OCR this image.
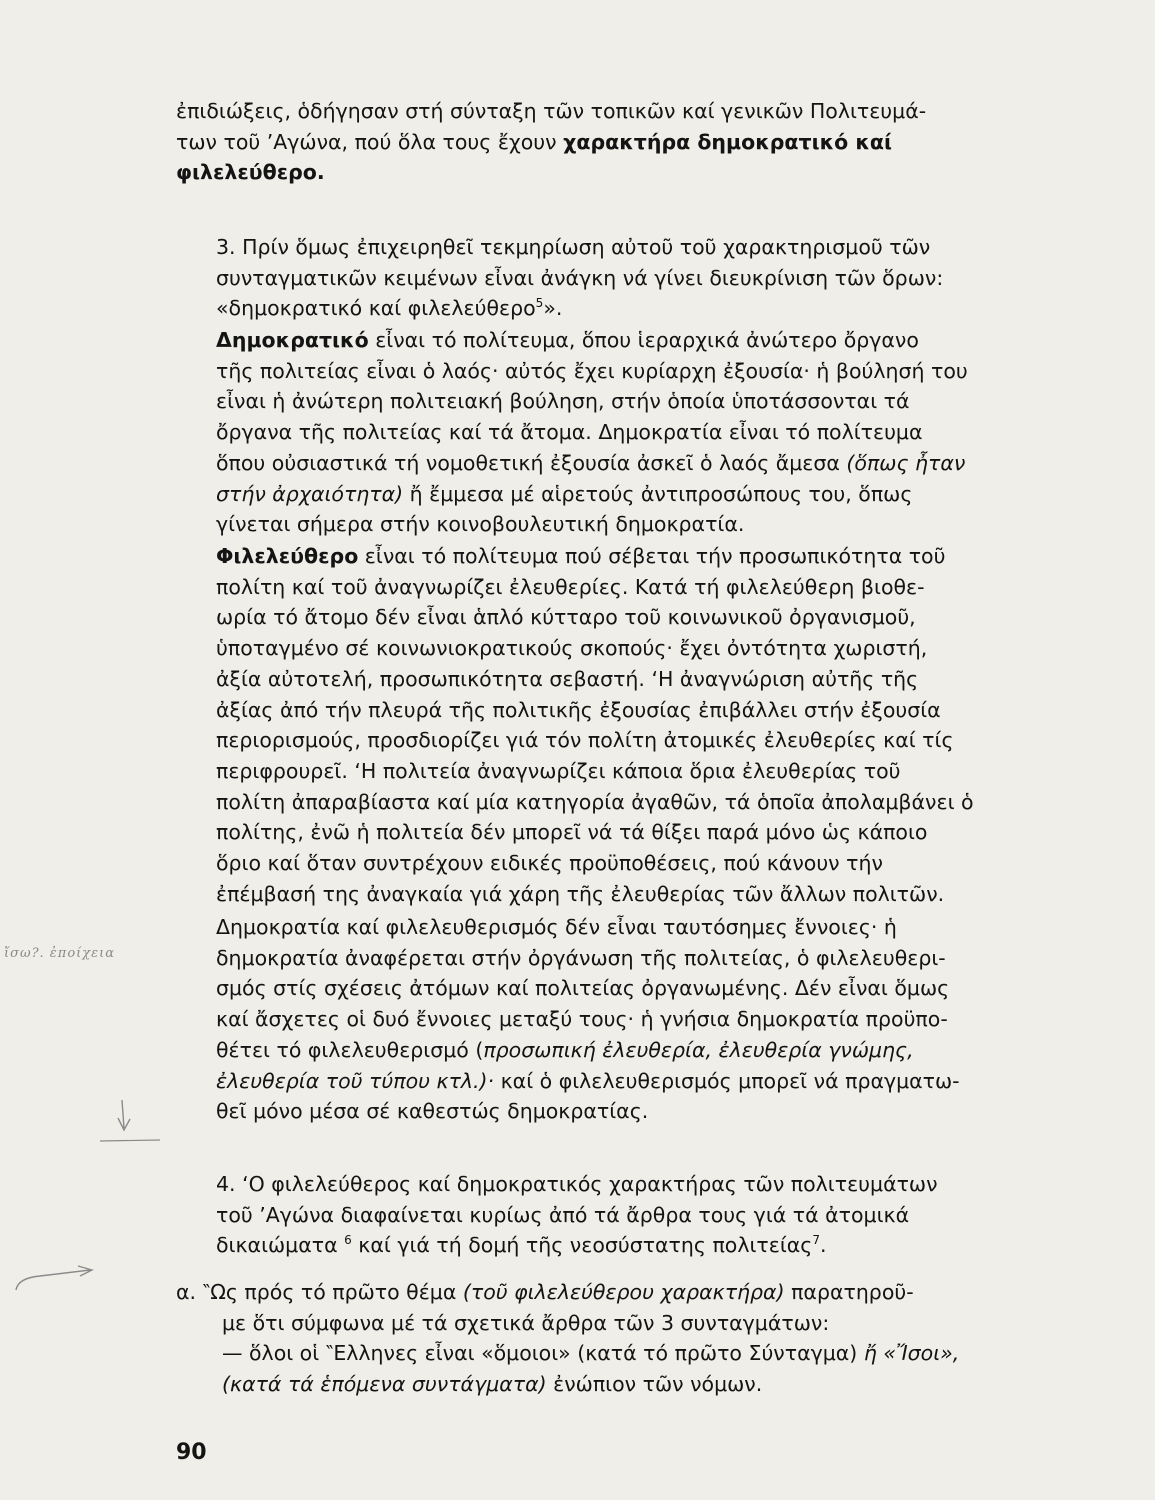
ἐπιδιώξεις, ὁδήγησαν στή σύνταξη τῶν τοπικῶν καί γενικῶν Πολιτευμά-
των τοῦ ’Αγώνα, πού ὅλα τους ἔχουν χαρακτήρα δημοκρατικό καί
φιλελεύθερο.
3. Πρίν ὅμως ἐπιχειρηθεῖ τεκμηρίωση αὐτοῦ τοῦ χαρακτηρισμοῦ τῶν
συνταγματικῶν κειμένων εἶναι ἀνάγκη νά γίνει διευκρίνιση τῶν ὅρων:
«δημοκρατικό καί φιλελεύθερο$^5$».
Δημοκρατικό εἶναι τό πολίτευμα, ὅπου ἱεραρχικά ἀνώτερο ὄργανο
τῆς πολιτείας εἶναι ὁ λαός· αὐτός ἔχει κυρίαρχη ἐξουσία· ἡ βούλησή του
εἶναι ἡ ἀνώτερη πολιτειακή βούληση, στήν ὁποία ὑποτάσσονται τά
ὄργανα τῆς πολιτείας καί τά ἄτομα. Δημοκρατία εἶναι τό πολίτευμα
ὅπου οὐσιαστικά τή νομοθετική ἐξουσία ἀσκεῖ ὁ λαός ἄμεσα (ὅπως ἦταν
στήν ἀρχαιότητα) ἤ ἔμμεσα μέ αἱρετούς ἀντιπροσώπους του, ὅπως
γίνεται σήμερα στήν κοινοβουλευτική δημοκρατία.
Φιλελεύθερο εἶναι τό πολίτευμα πού σέβεται τήν προσωπικότητα τοῦ
πολίτη καί τοῦ ἀναγνωρίζει ἐλευθερίες. Κατά τή φιλελεύθερη βιοθε-
ωρία τό ἄτομο δέν εἶναι ἁπλό κύτταρο τοῦ κοινωνικοῦ ὀργανισμοῦ,
ὑποταγμένο σέ κοινωνιοκρατικούς σκοπούς· ἔχει ὀντότητα χωριστή,
ἀξία αὐτοτελή, προσωπικότητα σεβαστή. ‘Η ἀναγνώριση αὐτῆς τῆς
ἀξίας ἀπό τήν πλευρά τῆς πολιτικῆς ἐξουσίας ἐπιβάλλει στήν ἐξουσία
περιορισμούς, προσδιορίζει γιά τόν πολίτη ἀτομικές ἐλευθερίες καί τίς
περιφρουρεῖ. ‘Η πολιτεία ἀναγνωρίζει κάποια ὅρια ἐλευθερίας τοῦ
πολίτη ἀπαραβίαστα καί μία κατηγορία ἀγαθῶν, τά ὁποῖα ἀπολαμβάνει ὁ
πολίτης, ἐνῶ ἡ πολιτεία δέν μπορεῖ νά τά θίξει παρά μόνο ὡς κάποιο
ὅριο καί ὅταν συντρέχουν ειδικές προϋποθέσεις, πού κάνουν τήν
ἐπέμβασή της ἀναγκαία γιά χάρη τῆς ἐλευθερίας τῶν ἄλλων πολιτῶν.
Δημοκρατία καί φιλελευθερισμός δέν εἶναι ταυτόσημες ἔννοιες· ἡ
δημοκρατία ἀναφέρεται στήν ὀργάνωση τῆς πολιτείας, ὁ φιλελευθερι-
σμός στίς σχέσεις ἀτόμων καί πολιτείας ὀργανωμένης. Δέν εἶναι ὅμως
καί ἄσχετες οἱ δυό ἔννοιες μεταξύ τους· ἡ γνήσια δημοκρατία προϋπο-
θέτει τό φιλελευθερισμό (προσωπική ἐλευθερία, ἐλευθερία γνώμης,
ἐλευθερία τοῦ τύπου κτλ.)· καί ὁ φιλελευθερισμός μπορεῖ νά πραγματω-
θεῖ μόνο μέσα σέ καθεστώς δημοκρατίας.
4. ‘Ο φιλελεύθερος καί δημοκρατικός χαρακτήρας τῶν πολιτευμάτων
τοῦ ’Αγώνα διαφαίνεται κυρίως ἀπό τά ἄρθρα τους γιά τά ἀτομικά
δικαιώματα $^6$ καί γιά τή δομή τῆς νεοσύστατης πολιτείας$^7$.
α. ‶Ως πρός τό πρῶτο θέμα (τοῦ φιλελεύθερου χαρακτήρα) παρατηροῦ-
με ὅτι σύμφωνα μέ τά σχετικά ἄρθρα τῶν 3 συνταγμάτων:
— ὅλοι οἱ ‶Ελληνες εἶναι «ὅμοιοι» (κατά τό πρῶτο Σύνταγμα) ἤ «Ἴσοι»,
(κατά τά ἑπόμενα συντάγματα) ἐνώπιον τῶν νόμων.
90
ἴσω?. ἐποίχεια
